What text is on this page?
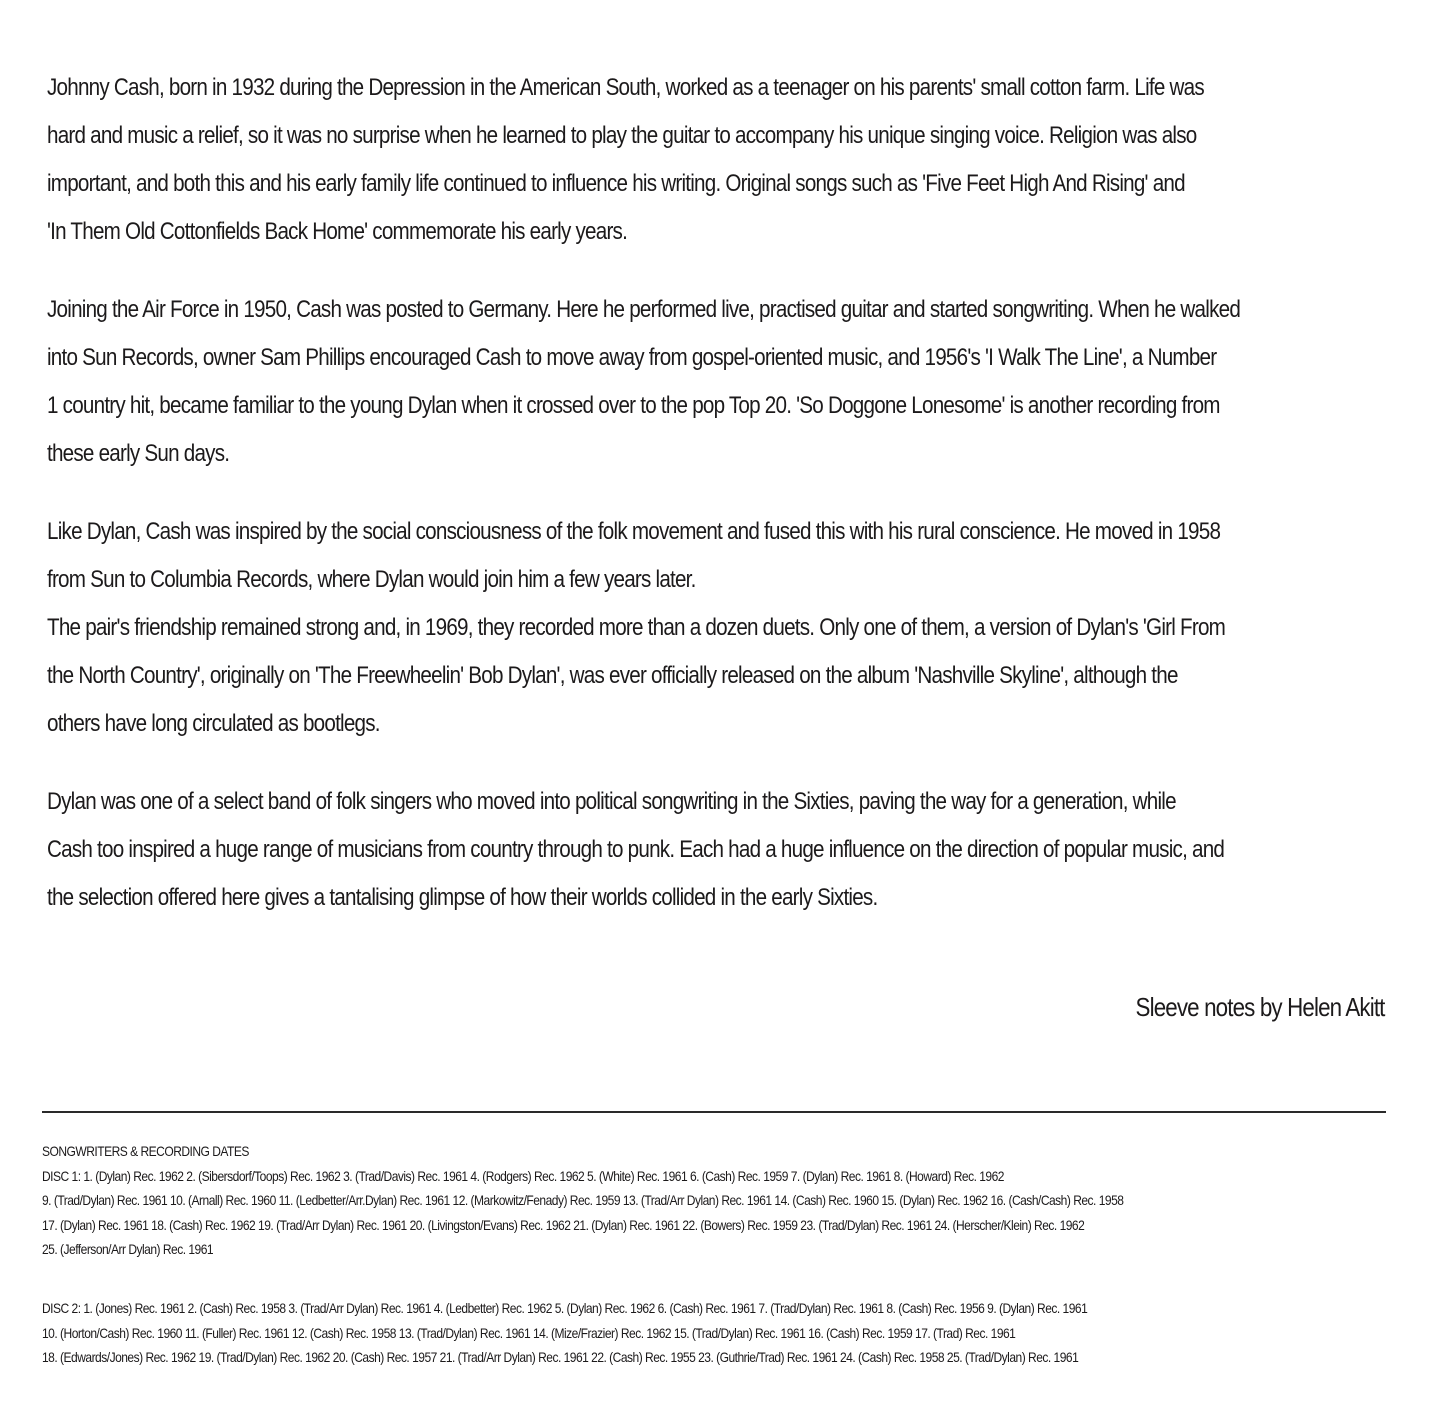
Johnny Cash, born in 1932 during the Depression in the American South, worked as a teenager on his parents' small cotton farm. Life was
hard and music a relief, so it was no surprise when he learned to play the guitar to accompany his unique singing voice. Religion was also
important, and both this and his early family life continued to influence his writing. Original songs such as 'Five Feet High And Rising' and
'In Them Old Cottonfields Back Home' commemorate his early years.

Joining the Air Force in 1950, Cash was posted to Germany. Here he performed live, practised guitar and started songwriting. When he walked
into Sun Records, owner Sam Phillips encouraged Cash to move away from gospel-oriented music, and 1956's 'I Walk The Line', a Number
1 country hit, became familiar to the young Dylan when it crossed over to the pop Top 20. 'So Doggone Lonesome' is another recording from
these early Sun days.

Like Dylan, Cash was inspired by the social consciousness of the folk movement and fused this with his rural conscience. He moved in 1958
from Sun to Columbia Records, where Dylan would join him a few years later.
The pair's friendship remained strong and, in 1969, they recorded more than a dozen duets. Only one of them, a version of Dylan's 'Girl From
the North Country', originally on 'The Freewheelin' Bob Dylan', was ever officially released on the album 'Nashville Skyline', although the
others have long circulated as bootlegs.

Dylan was one of a select band of folk singers who moved into political songwriting in the Sixties, paving the way for a generation, while
Cash too inspired a huge range of musicians from country through to punk. Each had a huge influence on the direction of popular music, and
the selection offered here gives a tantalising glimpse of how their worlds collided in the early Sixties.

Sleeve notes by Helen Akitt
SONGWRITERS & RECORDING DATES
DISC 1: 1. (Dylan) Rec. 1962 2. (Sibersdorf/Toops) Rec. 1962 3. (Trad/Davis) Rec. 1961 4. (Rodgers) Rec. 1962 5. (White) Rec. 1961 6. (Cash) Rec. 1959 7. (Dylan) Rec. 1961 8. (Howard) Rec. 1962
9. (Trad/Dylan) Rec. 1961 10. (Arnall) Rec. 1960 11. (Ledbetter/Arr.Dylan) Rec. 1961 12. (Markowitz/Fenady) Rec. 1959 13. (Trad/Arr Dylan) Rec. 1961 14. (Cash) Rec. 1960 15. (Dylan) Rec. 1962 16. (Cash/Cash) Rec. 1958
17. (Dylan) Rec. 1961 18. (Cash) Rec. 1962 19. (Trad/Arr Dylan) Rec. 1961 20. (Livingston/Evans) Rec. 1962 21. (Dylan) Rec. 1961 22. (Bowers) Rec. 1959 23. (Trad/Dylan) Rec. 1961 24. (Herscher/Klein) Rec. 1962
25. (Jefferson/Arr Dylan) Rec. 1961
DISC 2: 1. (Jones) Rec. 1961 2. (Cash) Rec. 1958 3. (Trad/Arr Dylan) Rec. 1961 4. (Ledbetter) Rec. 1962 5. (Dylan) Rec. 1962 6. (Cash) Rec. 1961 7. (Trad/Dylan) Rec. 1961 8. (Cash) Rec. 1956 9. (Dylan) Rec. 1961
10. (Horton/Cash) Rec. 1960 11. (Fuller) Rec. 1961 12. (Cash) Rec. 1958 13. (Trad/Dylan) Rec. 1961 14. (Mize/Frazier) Rec. 1962 15. (Trad/Dylan) Rec. 1961 16. (Cash) Rec. 1959 17. (Trad) Rec. 1961
18. (Edwards/Jones) Rec. 1962 19. (Trad/Dylan) Rec. 1962 20. (Cash) Rec. 1957 21. (Trad/Arr Dylan) Rec. 1961 22. (Cash) Rec. 1955 23. (Guthrie/Trad) Rec. 1961 24. (Cash) Rec. 1958 25. (Trad/Dylan) Rec. 1961
